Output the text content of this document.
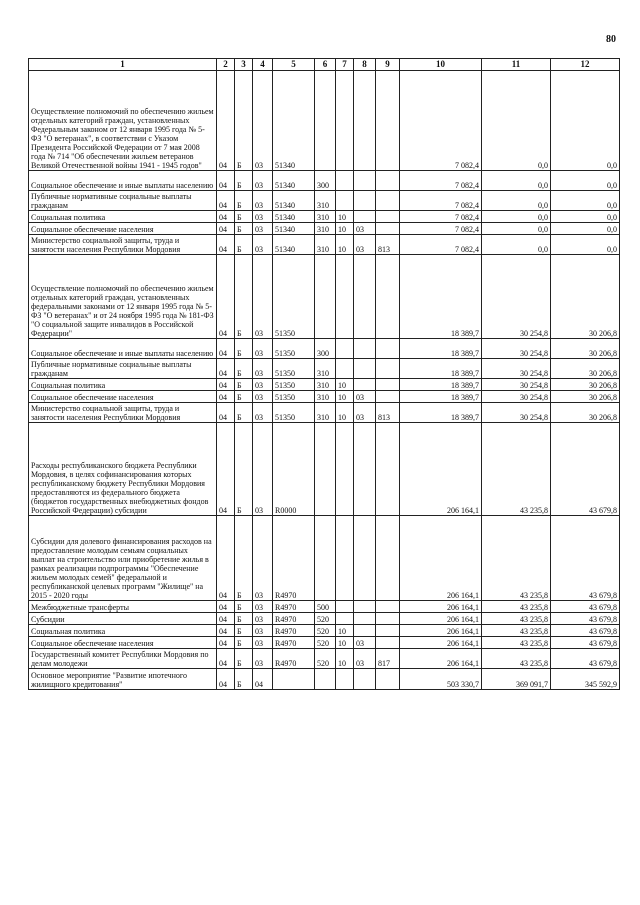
80
1	2	3	4	5	6	7	8	9	10	11	12
Осуществление полномочий по обеспечению жильем отдельных категорий граждан, установленных Федеральным законом от 12 января 1995 года № 5-ФЗ "О ветеранах", в соответствии с Указом Президента Российской Федерации от 7 мая 2008 года № 714 "Об обеспечении жильем ветеранов Великой Отечественной войны 1941 - 1945 годов"	04	Б	03	51340					7 082,4	0,0	0,0
Социальное обеспечение и иные выплаты населению	04	Б	03	51340	300				7 082,4	0,0	0,0
Публичные нормативные социальные выплаты гражданам	04	Б	03	51340	310				7 082,4	0,0	0,0
Социальная политика	04	Б	03	51340	310	10			7 082,4	0,0	0,0
Социальное обеспечение населения	04	Б	03	51340	310	10	03		7 082,4	0,0	0,0
Министерство социальной защиты, труда и занятости населения Республики Мордовия	04	Б	03	51340	310	10	03	813	7 082,4	0,0	0,0
Осуществление полномочий по обеспечению жильем отдельных категорий граждан, установленных федеральными законами от 12 января 1995 года № 5-ФЗ "О ветеранах" и от 24 ноября 1995 года № 181-ФЗ "О социальной защите инвалидов в Российской Федерации"	04	Б	03	51350					18 389,7	30 254,8	30 206,8
Социальное обеспечение и иные выплаты населению	04	Б	03	51350	300				18 389,7	30 254,8	30 206,8
Публичные нормативные социальные выплаты гражданам	04	Б	03	51350	310				18 389,7	30 254,8	30 206,8
Социальная политика	04	Б	03	51350	310	10			18 389,7	30 254,8	30 206,8
Социальное обеспечение населения	04	Б	03	51350	310	10	03		18 389,7	30 254,8	30 206,8
Министерство социальной защиты, труда и занятости населения Республики Мордовия	04	Б	03	51350	310	10	03	813	18 389,7	30 254,8	30 206,8
Расходы республиканского бюджета Республики Мордовия, в целях софинансирования которых республиканскому бюджету Республики Мордовия предоставляются из федерального бюджета (бюджетов государственных внебюджетных фондов Российской Федерации) субсидии	04	Б	03	R0000					206 164,1	43 235,8	43 679,8
Субсидии для долевого финансирования расходов на предоставление молодым семьям социальных выплат на строительство или приобретение жилья в рамках реализации подпрограммы "Обеспечение жильем молодых семей" федеральной и республиканской целевых программ "Жилище" на 2015 - 2020 годы	04	Б	03	R4970					206 164,1	43 235,8	43 679,8
Межбюджетные трансферты	04	Б	03	R4970	500				206 164,1	43 235,8	43 679,8
Субсидии	04	Б	03	R4970	520				206 164,1	43 235,8	43 679,8
Социальная политика	04	Б	03	R4970	520	10			206 164,1	43 235,8	43 679,8
Социальное обеспечение населения	04	Б	03	R4970	520	10	03		206 164,1	43 235,8	43 679,8
Государственный комитет Республики Мордовия по делам молодежи	04	Б	03	R4970	520	10	03	817	206 164,1	43 235,8	43 679,8
Основное мероприятие "Развитие ипотечного жилищного кредитования"	04	Б	04						503 330,7	369 091,7	345 592,9
